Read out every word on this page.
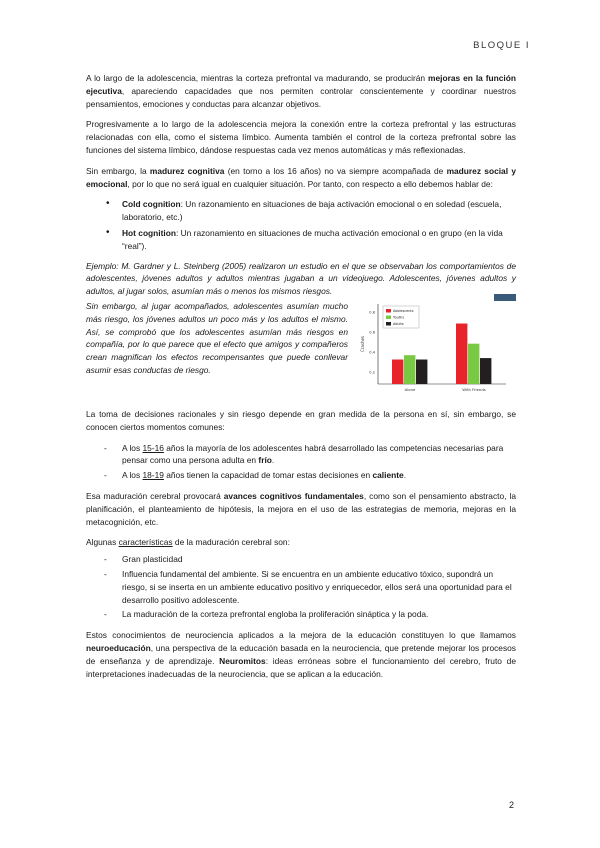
BLOQUE I

A lo largo de la adolescencia, mientras la corteza prefrontal va madurando, se producirán mejoras en la función ejecutiva, apareciendo capacidades que nos permiten controlar conscientemente y coordinar nuestros pensamientos, emociones y conductas para alcanzar objetivos.

Progresivamente a lo largo de la adolescencia mejora la conexión entre la corteza prefrontal y las estructuras relacionadas con ella, como el sistema límbico. Aumenta también el control de la corteza prefrontal sobre las funciones del sistema límbico, dándose respuestas cada vez menos automáticas y más reflexionadas.

Sin embargo, la madurez cognitiva (en torno a los 16 años) no va siempre acompañada de madurez social y emocional, por lo que no será igual en cualquier situación. Por tanto, con respecto a ello debemos hablar de:

• Cold cognition: Un razonamiento en situaciones de baja activación emocional o en soledad (escuela, laboratorio, etc.)
• Hot cognition: Un razonamiento en situaciones de mucha activación emocional o en grupo (en la vida “real”).

Ejemplo: M. Gardner y L. Steinberg (2005) realizaron un estudio en el que se observaban los comportamientos de adolescentes, jóvenes adultos y adultos mientras jugaban a un videojuego. Adolescentes, jóvenes adultos y adultos, al jugar solos, asumían más o menos los mismos riesgos.

Sin embargo, al jugar acompañados, adolescentes asumían mucho más riesgo, los jóvenes adultos un poco más y los adultos el mismo. Así, se comprobó que los adolescentes asumían más riesgos en compañía, por lo que parece que el efecto que amigos y compañeros crean magnifican los efectos recompensantes que puede conllevar asumir esas conductas de riesgo.
Crashes
0.8
0.6
0.4
0.2
Alone	With Friends
Adolescents
Youths
Adults

La toma de decisiones racionales y sin riesgo depende en gran medida de la persona en sí, sin embargo, se conocen ciertos momentos comunes:

- A los 15-16 años la mayoría de los adolescentes habrá desarrollado las competencias necesarias para pensar como una persona adulta en frío.
- A los 18-19 años tienen la capacidad de tomar estas decisiones en caliente.

Esa maduración cerebral provocará avances cognitivos fundamentales, como son el pensamiento abstracto, la planificación, el planteamiento de hipótesis, la mejora en el uso de las estrategias de memoria, mejoras en la metacognición, etc.

Algunas características de la maduración cerebral son:

- Gran plasticidad
- Influencia fundamental del ambiente. Si se encuentra en un ambiente educativo tóxico, supondrá un riesgo, si se inserta en un ambiente educativo positivo y enriquecedor, ellos será una oportunidad para el desarrollo positivo adolescente.
- La maduración de la corteza prefrontal engloba la proliferación sináptica y la poda.

Estos conocimientos de neurociencia aplicados a la mejora de la educación constituyen lo que llamamos neuroeducación, una perspectiva de la educación basada en la neurociencia, que pretende mejorar los procesos de enseñanza y de aprendizaje. Neuromitos: ideas erróneas sobre el funcionamiento del cerebro, fruto de interpretaciones inadecuadas de la neurociencia, que se aplican a la educación.

2
